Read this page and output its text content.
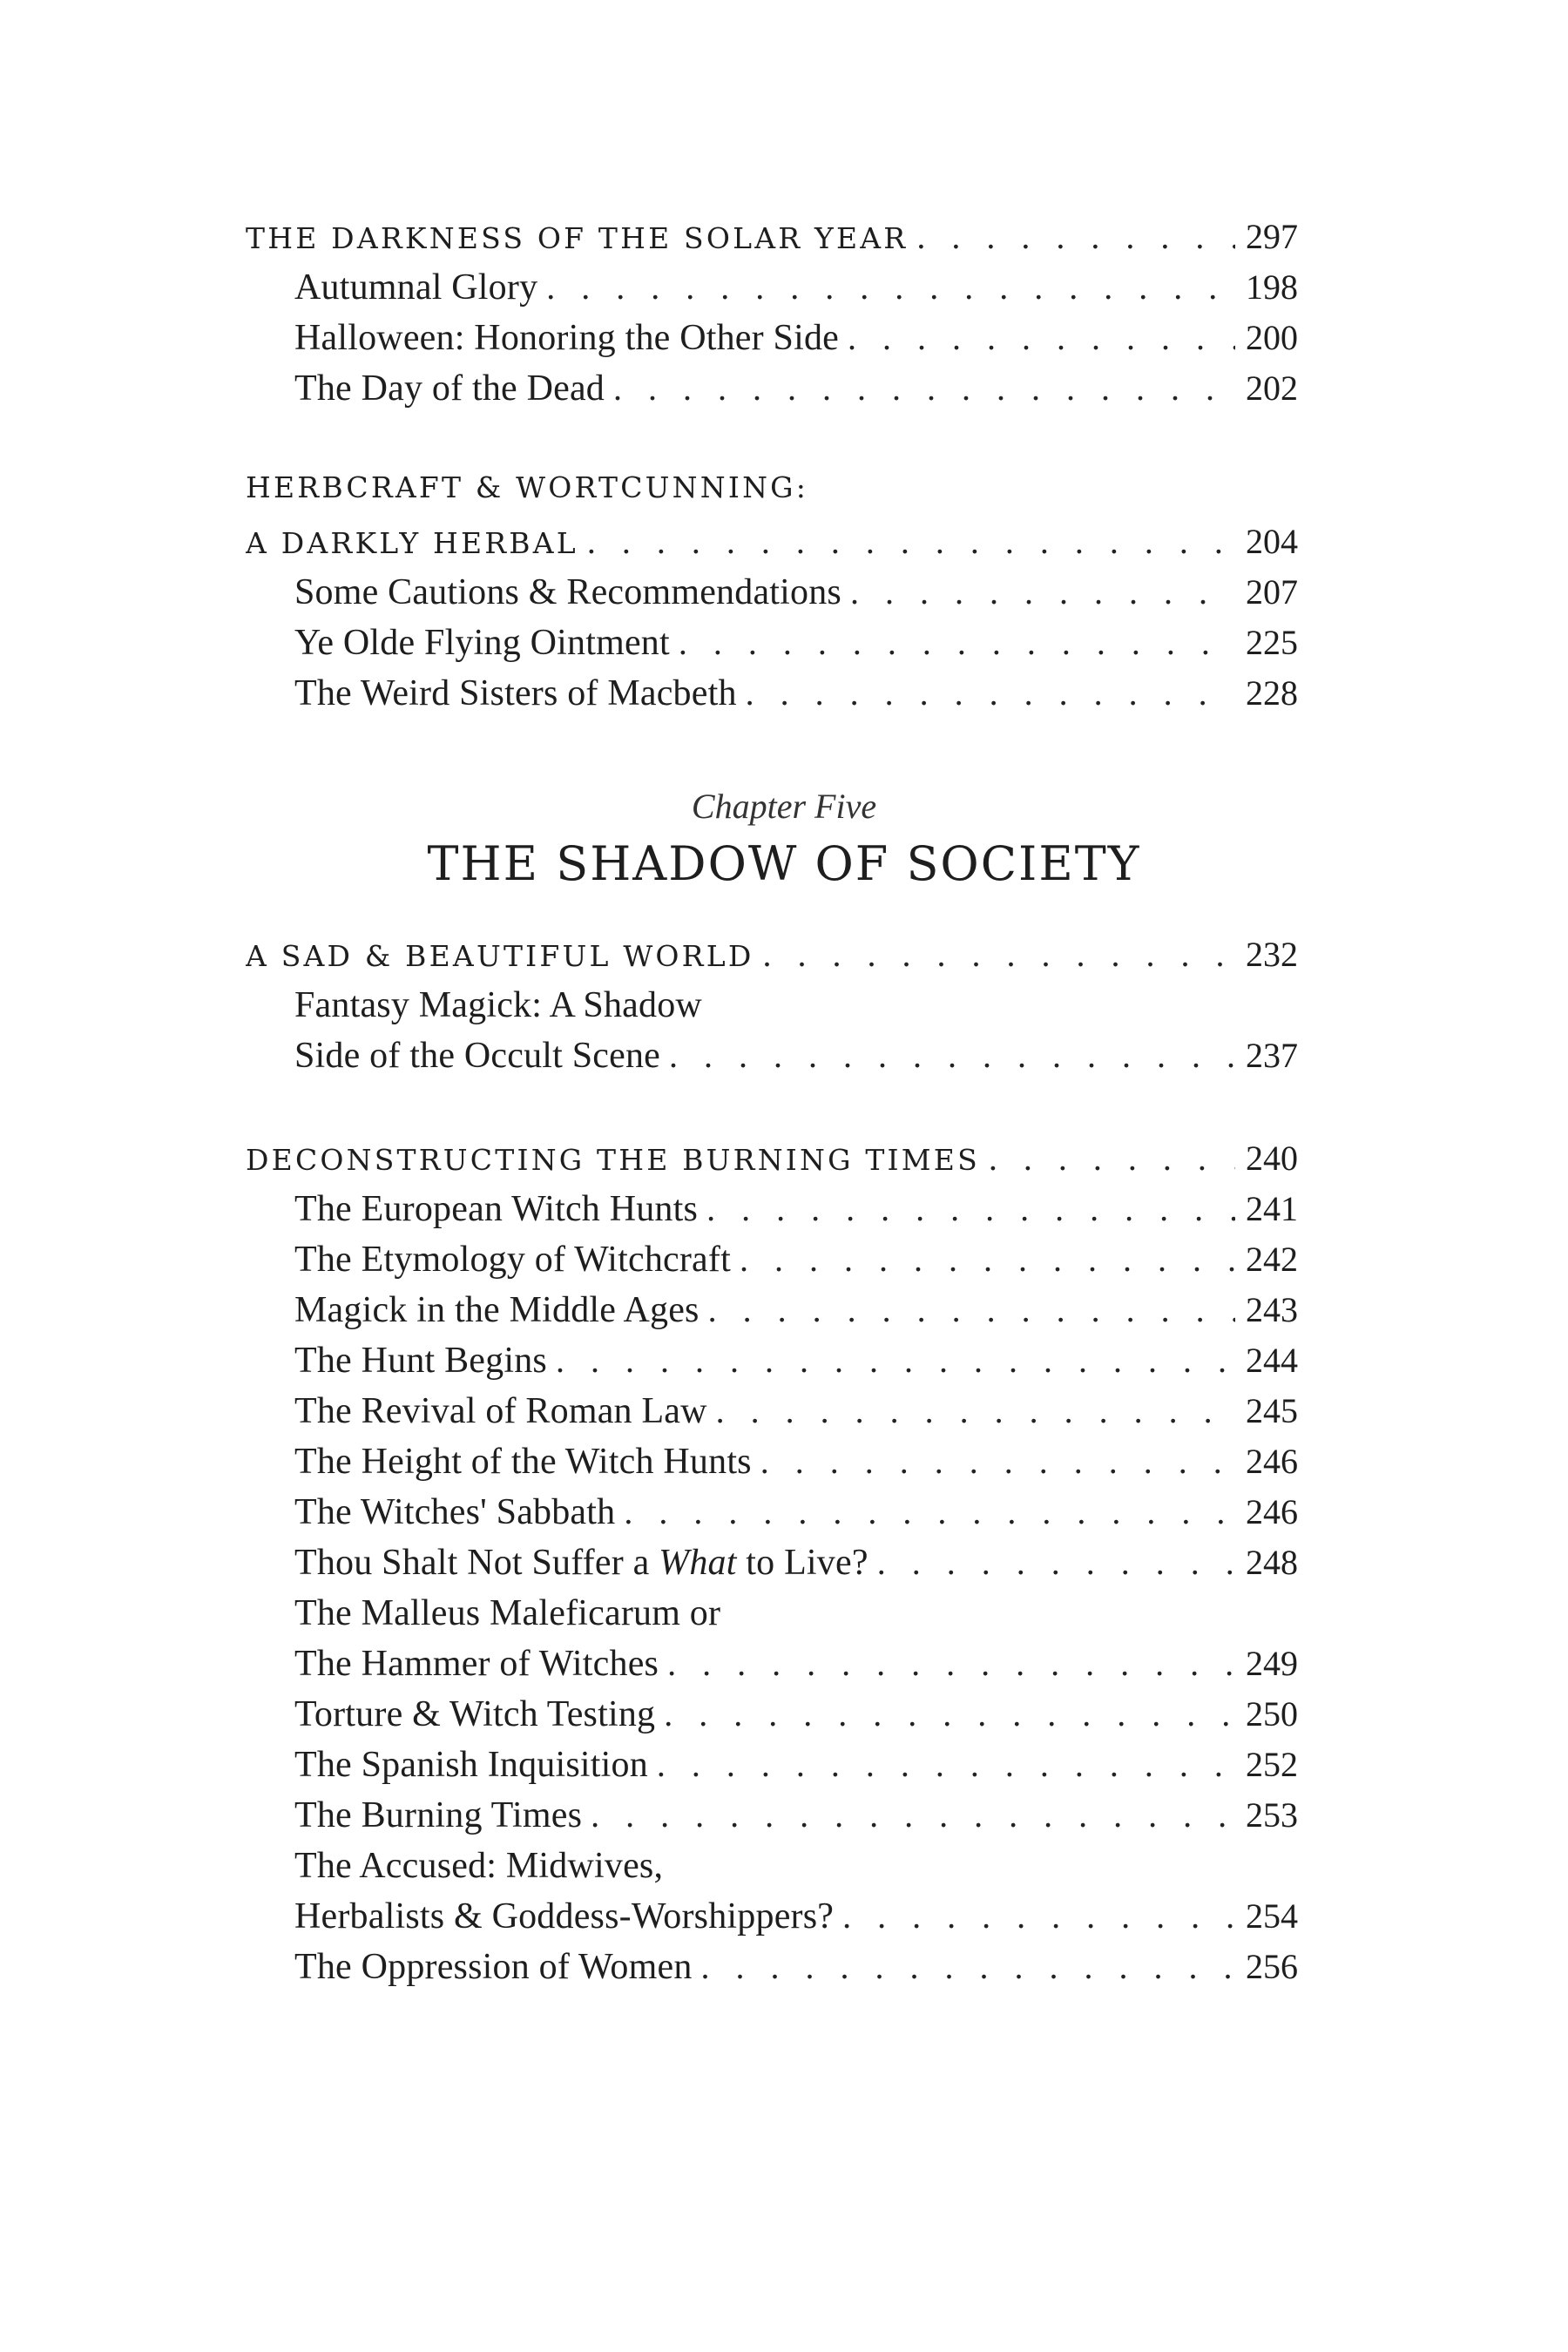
THE DARKNESS OF THE SOLAR YEAR . . .	297
Autumnal Glory . . .	198
Halloween: Honoring the Other Side . . .	200
The Day of the Dead . . .	202
HERBCRAFT & WORTCUNNING:
A DARKLY HERBAL . . .	204
Some Cautions & Recommendations . . .	207
Ye Olde Flying Ointment . . .	225
The Weird Sisters of Macbeth . . .	228
Chapter Five
THE SHADOW OF SOCIETY
A SAD & BEAUTIFUL WORLD . . .	232
Fantasy Magick: A Shadow
Side of the Occult Scene . . .	237
DECONSTRUCTING THE BURNING TIMES . . .	240
The European Witch Hunts . . .	241
The Etymology of Witchcraft . . .	242
Magick in the Middle Ages . . .	243
The Hunt Begins . . .	244
The Revival of Roman Law . . .	245
The Height of the Witch Hunts . . .	246
The Witches' Sabbath . . .	246
Thou Shalt Not Suffer a What to Live? . . .	248
The Malleus Maleficarum or
The Hammer of Witches . . .	249
Torture & Witch Testing . . .	250
The Spanish Inquisition . . .	252
The Burning Times . . .	253
The Accused: Midwives,
Herbalists & Goddess-Worshippers? . . .	254
The Oppression of Women . . .	256
